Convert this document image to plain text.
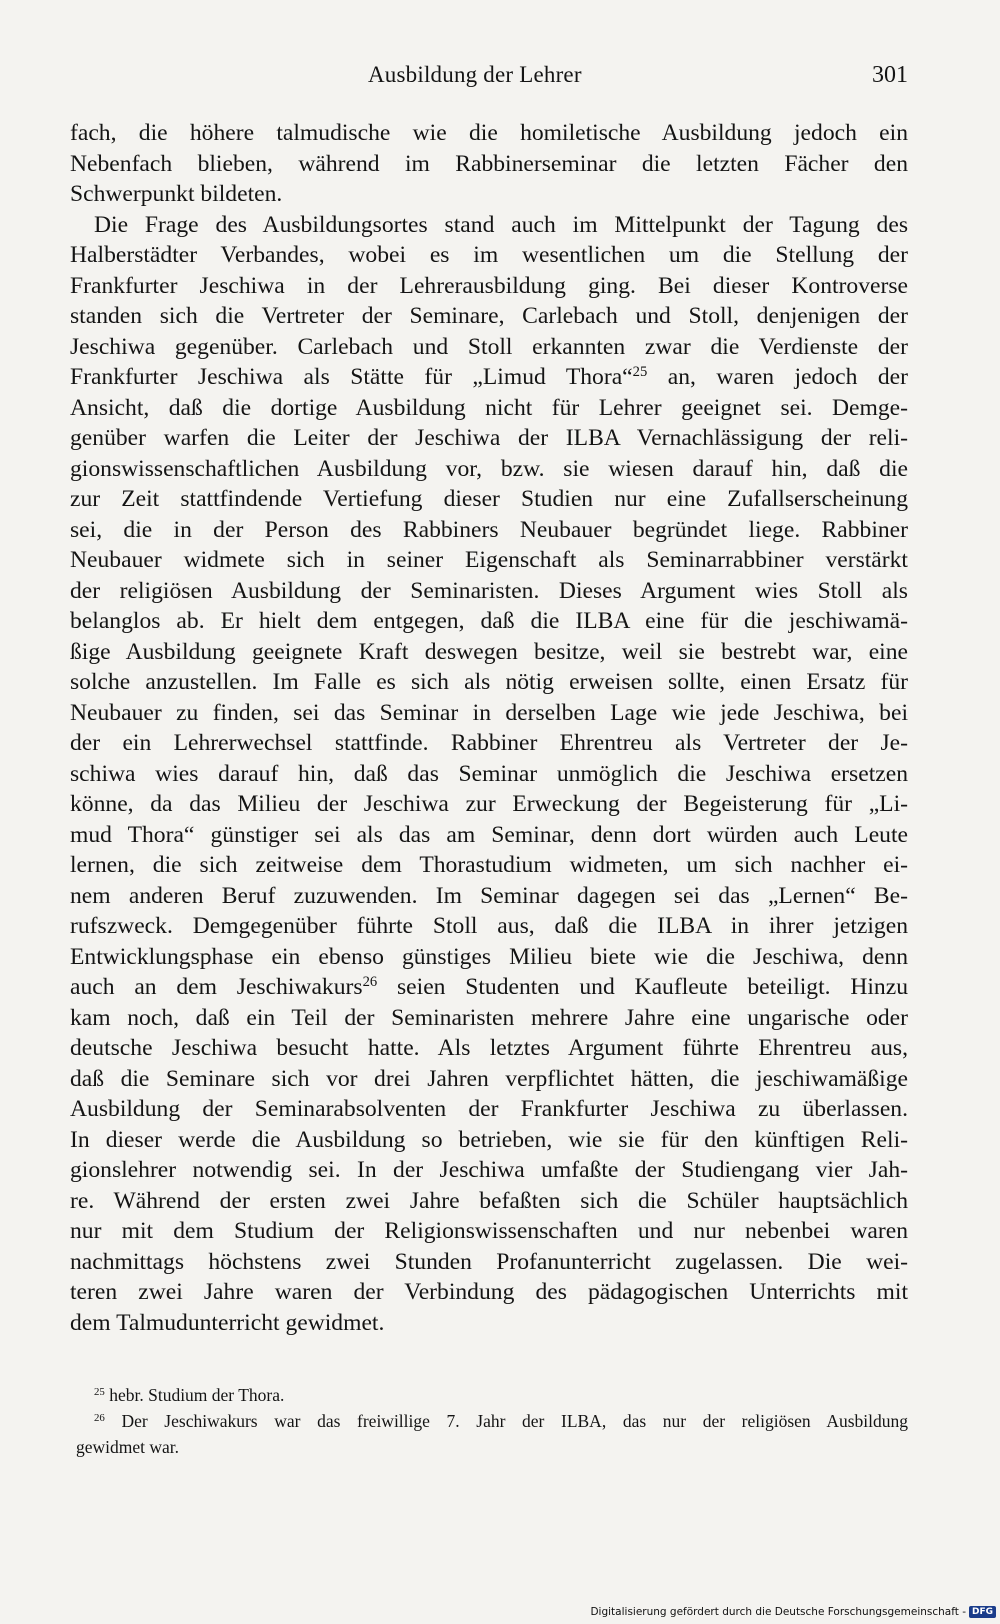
Ausbildung der Lehrer	301
fach, die höhere talmudische wie die homiletische Ausbildung jedoch ein
Nebenfach blieben, während im Rabbinerseminar die letzten Fächer den
Schwerpunkt bildeten.
Die Frage des Ausbildungsortes stand auch im Mittelpunkt der Tagung des
Halberstädter Verbandes, wobei es im wesentlichen um die Stellung der
Frankfurter Jeschiwa in der Lehrerausbildung ging. Bei dieser Kontroverse
standen sich die Vertreter der Seminare, Carlebach und Stoll, denjenigen der
Jeschiwa gegenüber. Carlebach und Stoll erkannten zwar die Verdienste der
Frankfurter Jeschiwa als Stätte für „Limud Thora“$^{25}$ an, waren jedoch der
Ansicht, daß die dortige Ausbildung nicht für Lehrer geeignet sei. Demge-
genüber warfen die Leiter der Jeschiwa der ILBA Vernachlässigung der reli-
gionswissenschaftlichen Ausbildung vor, bzw. sie wiesen darauf hin, daß die
zur Zeit stattfindende Vertiefung dieser Studien nur eine Zufallserscheinung
sei, die in der Person des Rabbiners Neubauer begründet liege. Rabbiner
Neubauer widmete sich in seiner Eigenschaft als Seminarrabbiner verstärkt
der religiösen Ausbildung der Seminaristen. Dieses Argument wies Stoll als
belanglos ab. Er hielt dem entgegen, daß die ILBA eine für die jeschiwamä-
ßige Ausbildung geeignete Kraft deswegen besitze, weil sie bestrebt war, eine
solche anzustellen. Im Falle es sich als nötig erweisen sollte, einen Ersatz für
Neubauer zu finden, sei das Seminar in derselben Lage wie jede Jeschiwa, bei
der ein Lehrerwechsel stattfinde. Rabbiner Ehrentreu als Vertreter der Je-
schiwa wies darauf hin, daß das Seminar unmöglich die Jeschiwa ersetzen
könne, da das Milieu der Jeschiwa zur Erweckung der Begeisterung für „Li-
mud Thora“ günstiger sei als das am Seminar, denn dort würden auch Leute
lernen, die sich zeitweise dem Thorastudium widmeten, um sich nachher ei-
nem anderen Beruf zuzuwenden. Im Seminar dagegen sei das „Lernen“ Be-
rufszweck. Demgegenüber führte Stoll aus, daß die ILBA in ihrer jetzigen
Entwicklungsphase ein ebenso günstiges Milieu biete wie die Jeschiwa, denn
auch an dem Jeschiwakurs$^{26}$ seien Studenten und Kaufleute beteiligt. Hinzu
kam noch, daß ein Teil der Seminaristen mehrere Jahre eine ungarische oder
deutsche Jeschiwa besucht hatte. Als letztes Argument führte Ehrentreu aus,
daß die Seminare sich vor drei Jahren verpflichtet hätten, die jeschiwamäßige
Ausbildung der Seminarabsolventen der Frankfurter Jeschiwa zu überlassen.
In dieser werde die Ausbildung so betrieben, wie sie für den künftigen Reli-
gionslehrer notwendig sei. In der Jeschiwa umfaßte der Studiengang vier Jah-
re. Während der ersten zwei Jahre befaßten sich die Schüler hauptsächlich
nur mit dem Studium der Religionswissenschaften und nur nebenbei waren
nachmittags höchstens zwei Stunden Profanunterricht zugelassen. Die wei-
teren zwei Jahre waren der Verbindung des pädagogischen Unterrichts mit
dem Talmudunterricht gewidmet.
$^{25}$ hebr. Studium der Thora.
$^{26}$ Der Jeschiwakurs war das freiwillige 7. Jahr der ILBA, das nur der religiösen Ausbildung
gewidmet war.
Digitalisierung gefördert durch die Deutsche Forschungsgemeinschaft - DFG
